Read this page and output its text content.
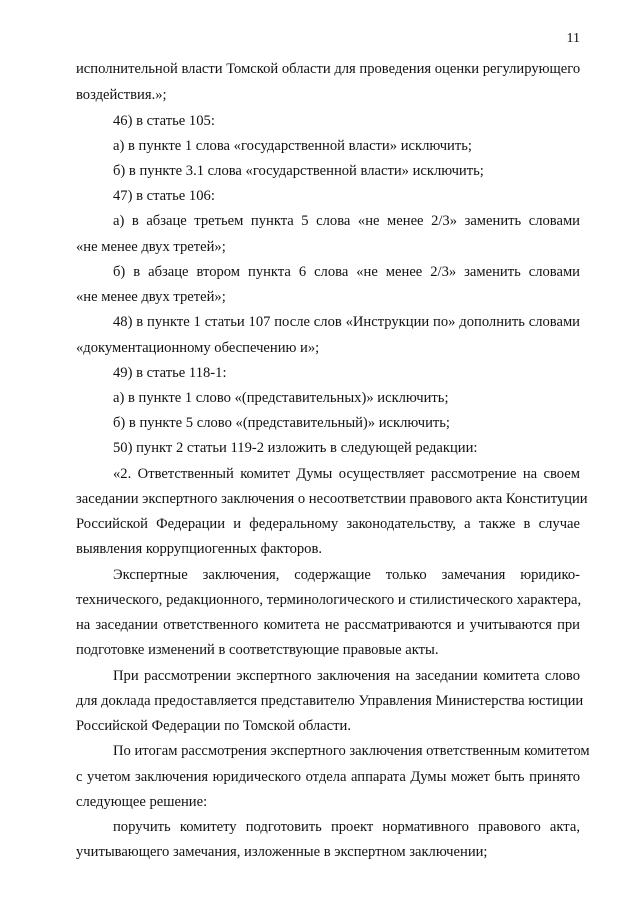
11
исполнительной власти Томской области для проведения оценки регулирующего
воздействия.»;
46) в статье 105:
а) в пункте 1 слова «государственной власти» исключить;
б) в пункте 3.1 слова «государственной власти» исключить;
47) в статье 106:
а) в абзаце третьем пункта 5 слова «не менее 2/3» заменить словами
«не менее двух третей»;
б) в абзаце втором пункта 6 слова «не менее 2/3» заменить словами
«не менее двух третей»;
48) в пункте 1 статьи 107 после слов «Инструкции по» дополнить словами
«документационному обеспечению и»;
49) в статье 118-1:
а) в пункте 1 слово «(представительных)» исключить;
б) в пункте 5 слово «(представительный)» исключить;
50) пункт 2 статьи 119-2 изложить в следующей редакции:
«2. Ответственный комитет Думы осуществляет рассмотрение на своем
заседании экспертного заключения о несоответствии правового акта Конституции
Российской Федерации и федеральному законодательству, а также в случае
выявления коррупциогенных факторов.
Экспертные заключения, содержащие только замечания юридико-
технического, редакционного, терминологического и стилистического характера,
на заседании ответственного комитета не рассматриваются и учитываются при
подготовке изменений в соответствующие правовые акты.
При рассмотрении экспертного заключения на заседании комитета слово
для доклада предоставляется представителю Управления Министерства юстиции
Российской Федерации по Томской области.
По итогам рассмотрения экспертного заключения ответственным комитетом
с учетом заключения юридического отдела аппарата Думы может быть принято
следующее решение:
поручить комитету подготовить проект нормативного правового акта,
учитывающего замечания, изложенные в экспертном заключении;
